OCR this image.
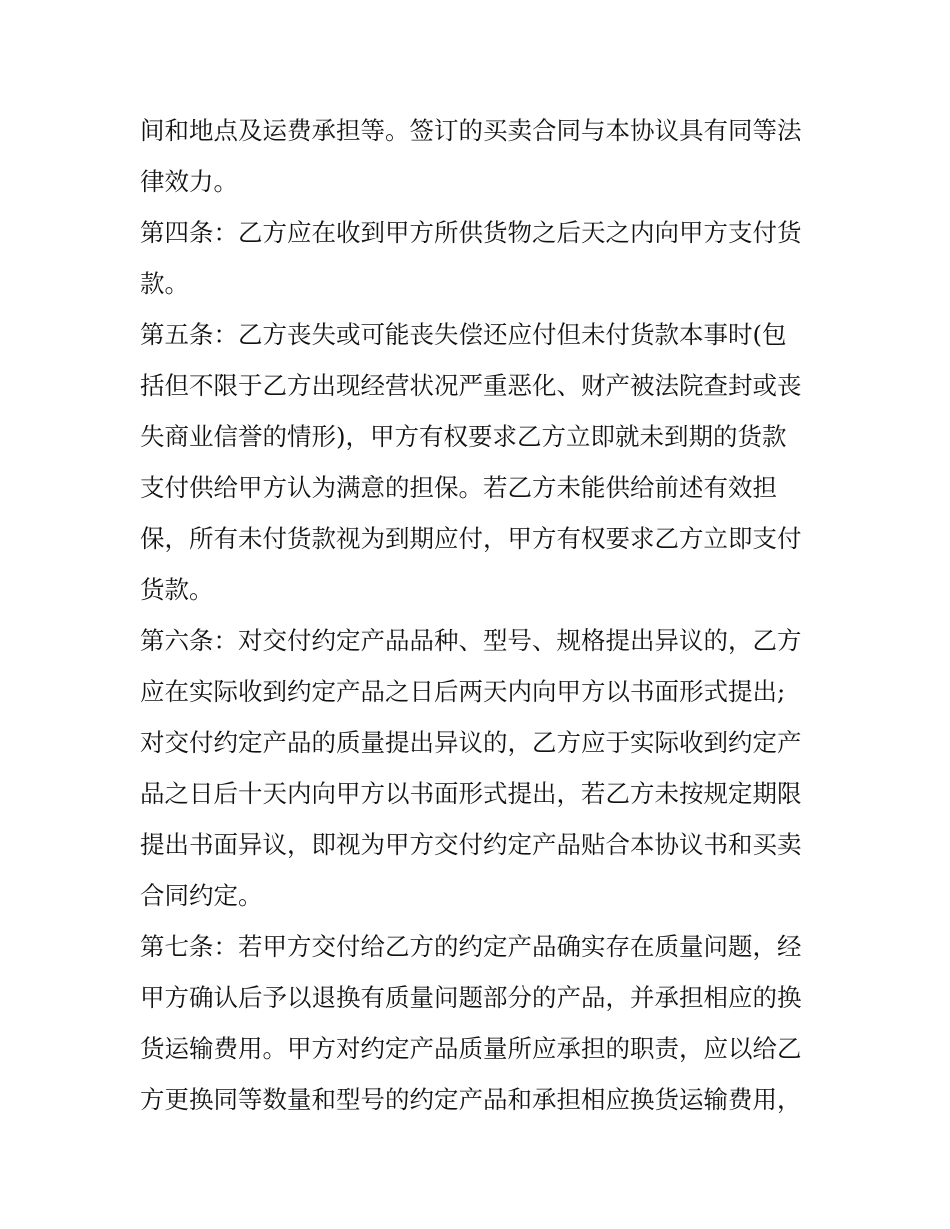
间和地点及运费承担等。签订的买卖合同与本协议具有同等法
律效力。
第四条：乙方应在收到甲方所供货物之后天之内向甲方支付货
款。
第五条：乙方丧失或可能丧失偿还应付但未付货款本事时(包
括但不限于乙方出现经营状况严重恶化、财产被法院查封或丧
失商业信誉的情形)，甲方有权要求乙方立即就未到期的货款
支付供给甲方认为满意的担保。若乙方未能供给前述有效担
保，所有未付货款视为到期应付，甲方有权要求乙方立即支付
货款。
第六条：对交付约定产品品种、型号、规格提出异议的，乙方
应在实际收到约定产品之日后两天内向甲方以书面形式提出;
对交付约定产品的质量提出异议的，乙方应于实际收到约定产
品之日后十天内向甲方以书面形式提出，若乙方未按规定期限
提出书面异议，即视为甲方交付约定产品贴合本协议书和买卖
合同约定。
第七条：若甲方交付给乙方的约定产品确实存在质量问题，经
甲方确认后予以退换有质量问题部分的产品，并承担相应的换
货运输费用。甲方对约定产品质量所应承担的职责，应以给乙
方更换同等数量和型号的约定产品和承担相应换货运输费用，
